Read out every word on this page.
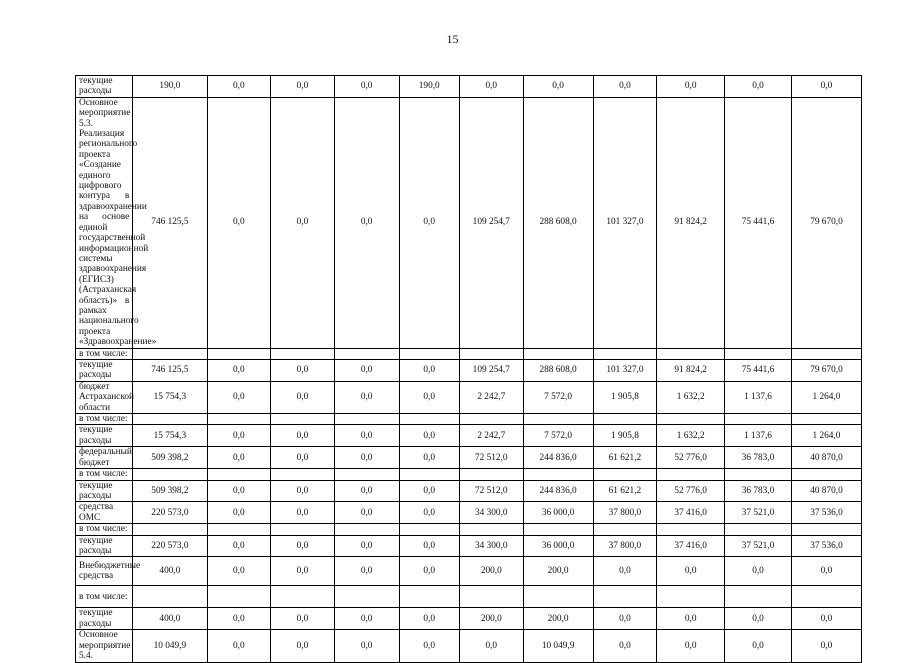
15
текущие расходы	190,0	0,0	0,0	0,0	190,0	0,0	0,0	0,0	0,0	0,0	0,0
Основное мероприятие 5.3. Реализация регионального проекта «Создание единого цифрового контура в здравоохранении на основе единой государственной информационной системы здравоохранения (ЕГИСЗ) (Астраханская область)» в рамках национального проекта «Здравоохранение»	746 125,5	0,0	0,0	0,0	0,0	109 254,7	288 608,0	101 327,0	91 824,2	75 441,6	79 670,0
в том числе:											
текущие расходы	746 125,5	0,0	0,0	0,0	0,0	109 254,7	288 608,0	101 327,0	91 824,2	75 441,6	79 670,0
бюджет Астраханской области	15 754,3	0,0	0,0	0,0	0,0	2 242,7	7 572,0	1 905,8	1 632,2	1 137,6	1 264,0
в том числе:											
текущие расходы	15 754,3	0,0	0,0	0,0	0,0	2 242,7	7 572,0	1 905,8	1 632,2	1 137,6	1 264,0
федеральный бюджет	509 398,2	0,0	0,0	0,0	0,0	72 512,0	244 836,0	61 621,2	52 776,0	36 783,0	40 870,0
в том числе:											
текущие расходы	509 398,2	0,0	0,0	0,0	0,0	72 512,0	244 836,0	61 621,2	52 776,0	36 783,0	40 870,0
средства ОМС	220 573,0	0,0	0,0	0,0	0,0	34 300,0	36 000,0	37 800,0	37 416,0	37 521,0	37 536,0
в том числе:											
текущие расходы	220 573,0	0,0	0,0	0,0	0,0	34 300,0	36 000,0	37 800,0	37 416,0	37 521,0	37 536,0
Внебюджетные средства	400,0	0,0	0,0	0,0	0,0	200,0	200,0	0,0	0,0	0,0	0,0
в том числе:											
текущие расходы	400,0	0,0	0,0	0,0	0,0	200,0	200,0	0,0	0,0	0,0	0,0
Основное мероприятие 5.4.	10 049,9	0,0	0,0	0,0	0,0	0,0	10 049,9	0,0	0,0	0,0	0,0
